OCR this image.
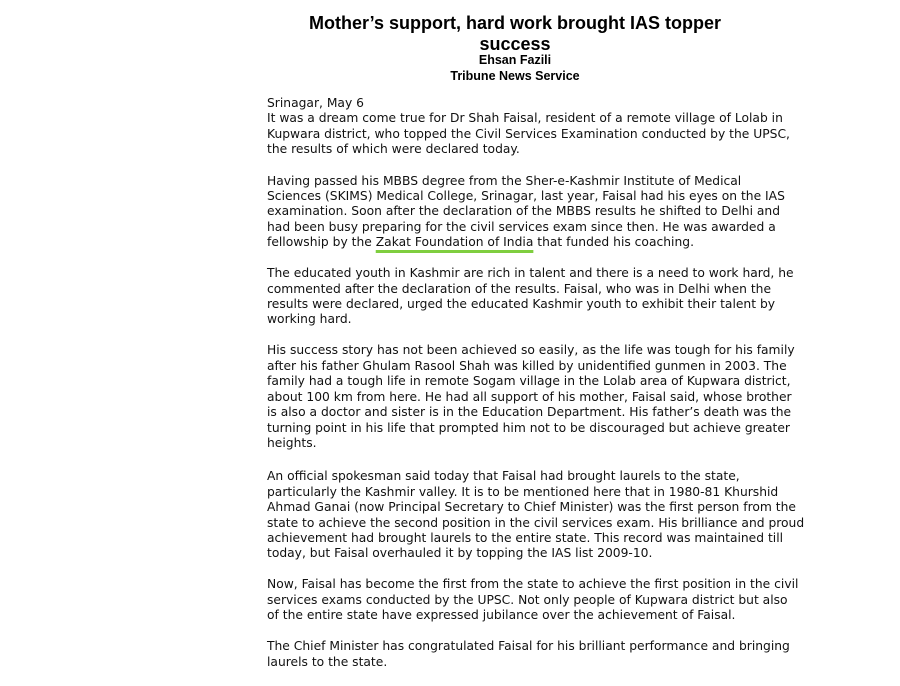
Mother’s support, hard work brought IAS topper
success
Ehsan Fazili
Tribune News Service

Srinagar, May 6
It was a dream come true for Dr Shah Faisal, resident of a remote village of Lolab in
Kupwara district, who topped the Civil Services Examination conducted by the UPSC,
the results of which were declared today.

Having passed his MBBS degree from the Sher-e-Kashmir Institute of Medical
Sciences (SKIMS) Medical College, Srinagar, last year, Faisal had his eyes on the IAS
examination. Soon after the declaration of the MBBS results he shifted to Delhi and
had been busy preparing for the civil services exam since then. He was awarded a
fellowship by the Zakat Foundation of India that funded his coaching.

The educated youth in Kashmir are rich in talent and there is a need to work hard, he
commented after the declaration of the results. Faisal, who was in Delhi when the
results were declared, urged the educated Kashmir youth to exhibit their talent by
working hard.

His success story has not been achieved so easily, as the life was tough for his family
after his father Ghulam Rasool Shah was killed by unidentified gunmen in 2003. The
family had a tough life in remote Sogam village in the Lolab area of Kupwara district,
about 100 km from here. He had all support of his mother, Faisal said, whose brother
is also a doctor and sister is in the Education Department. His father’s death was the
turning point in his life that prompted him not to be discouraged but achieve greater
heights.

An official spokesman said today that Faisal had brought laurels to the state,
particularly the Kashmir valley. It is to be mentioned here that in 1980-81 Khurshid
Ahmad Ganai (now Principal Secretary to Chief Minister) was the first person from the
state to achieve the second position in the civil services exam. His brilliance and proud
achievement had brought laurels to the entire state. This record was maintained till
today, but Faisal overhauled it by topping the IAS list 2009-10.

Now, Faisal has become the first from the state to achieve the first position in the civil
services exams conducted by the UPSC. Not only people of Kupwara district but also
of the entire state have expressed jubilance over the achievement of Faisal.

The Chief Minister has congratulated Faisal for his brilliant performance and bringing
laurels to the state.
